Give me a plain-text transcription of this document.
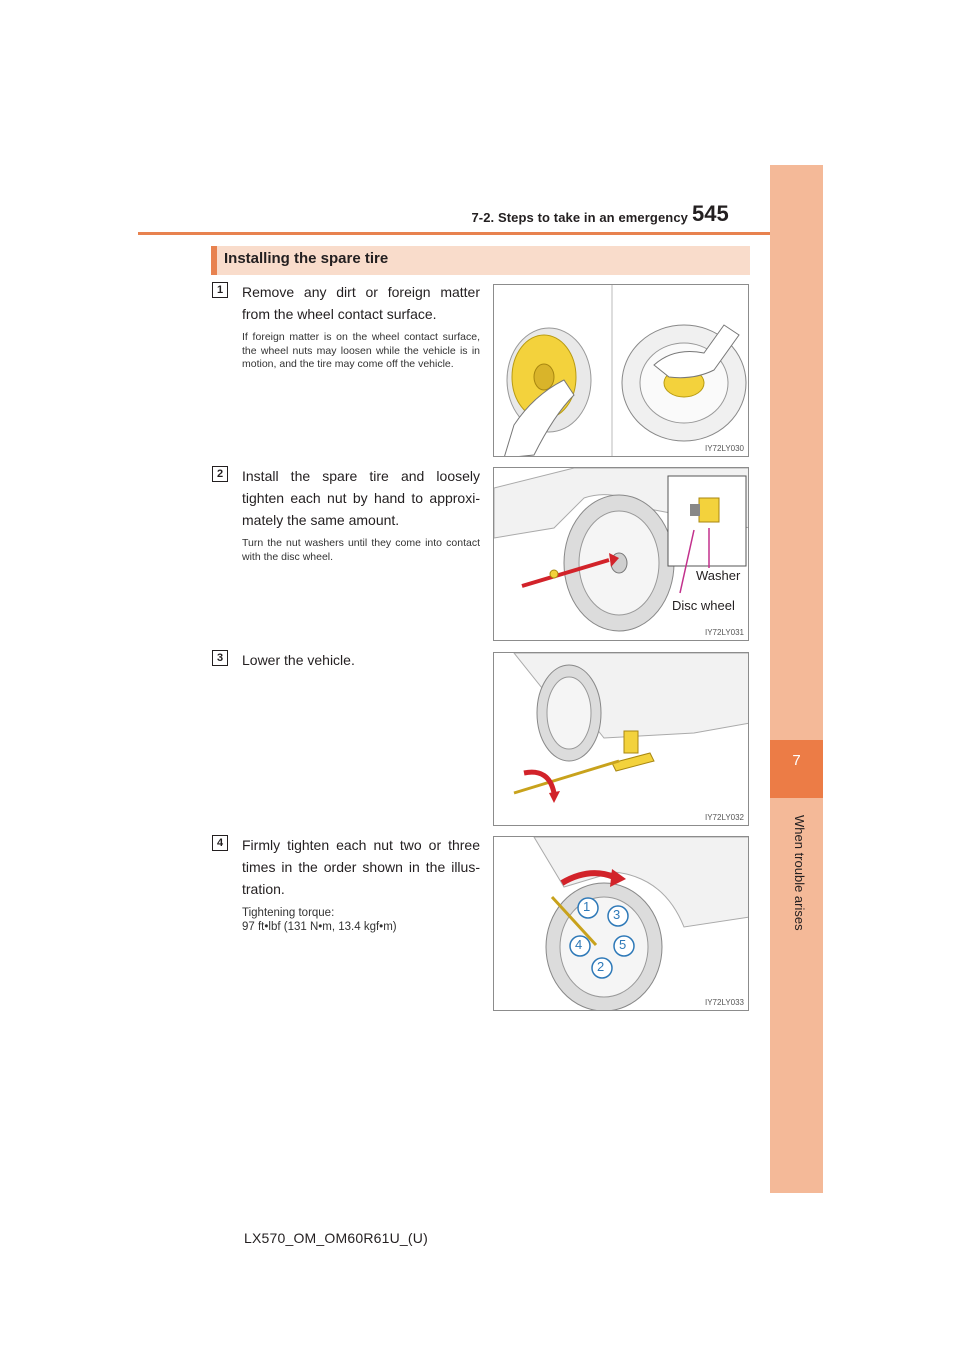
7-2. Steps to take in an emergency 545
7
When trouble arises
Installing the spare tire
1	Remove any dirt or foreign matter from the wheel contact surface.
If foreign matter is on the wheel contact surface, the wheel nuts may loosen while the vehicle is in motion, and the tire may come off the vehicle.
IY72LY030
2	Install the spare tire and loosely tighten each nut by hand to approxi-mately the same amount.
Turn the nut washers until they come into contact with the disc wheel.
Washer
Disc wheel
IY72LY031
3	Lower the vehicle.
IY72LY032
4	Firmly tighten each nut two or three times in the order shown in the illus-tration.
Tightening torque:
97 ft•lbf (131 N•m, 13.4 kgf•m)
1
2
3
4	5
IY72LY033
LX570_OM_OM60R61U_(U)
